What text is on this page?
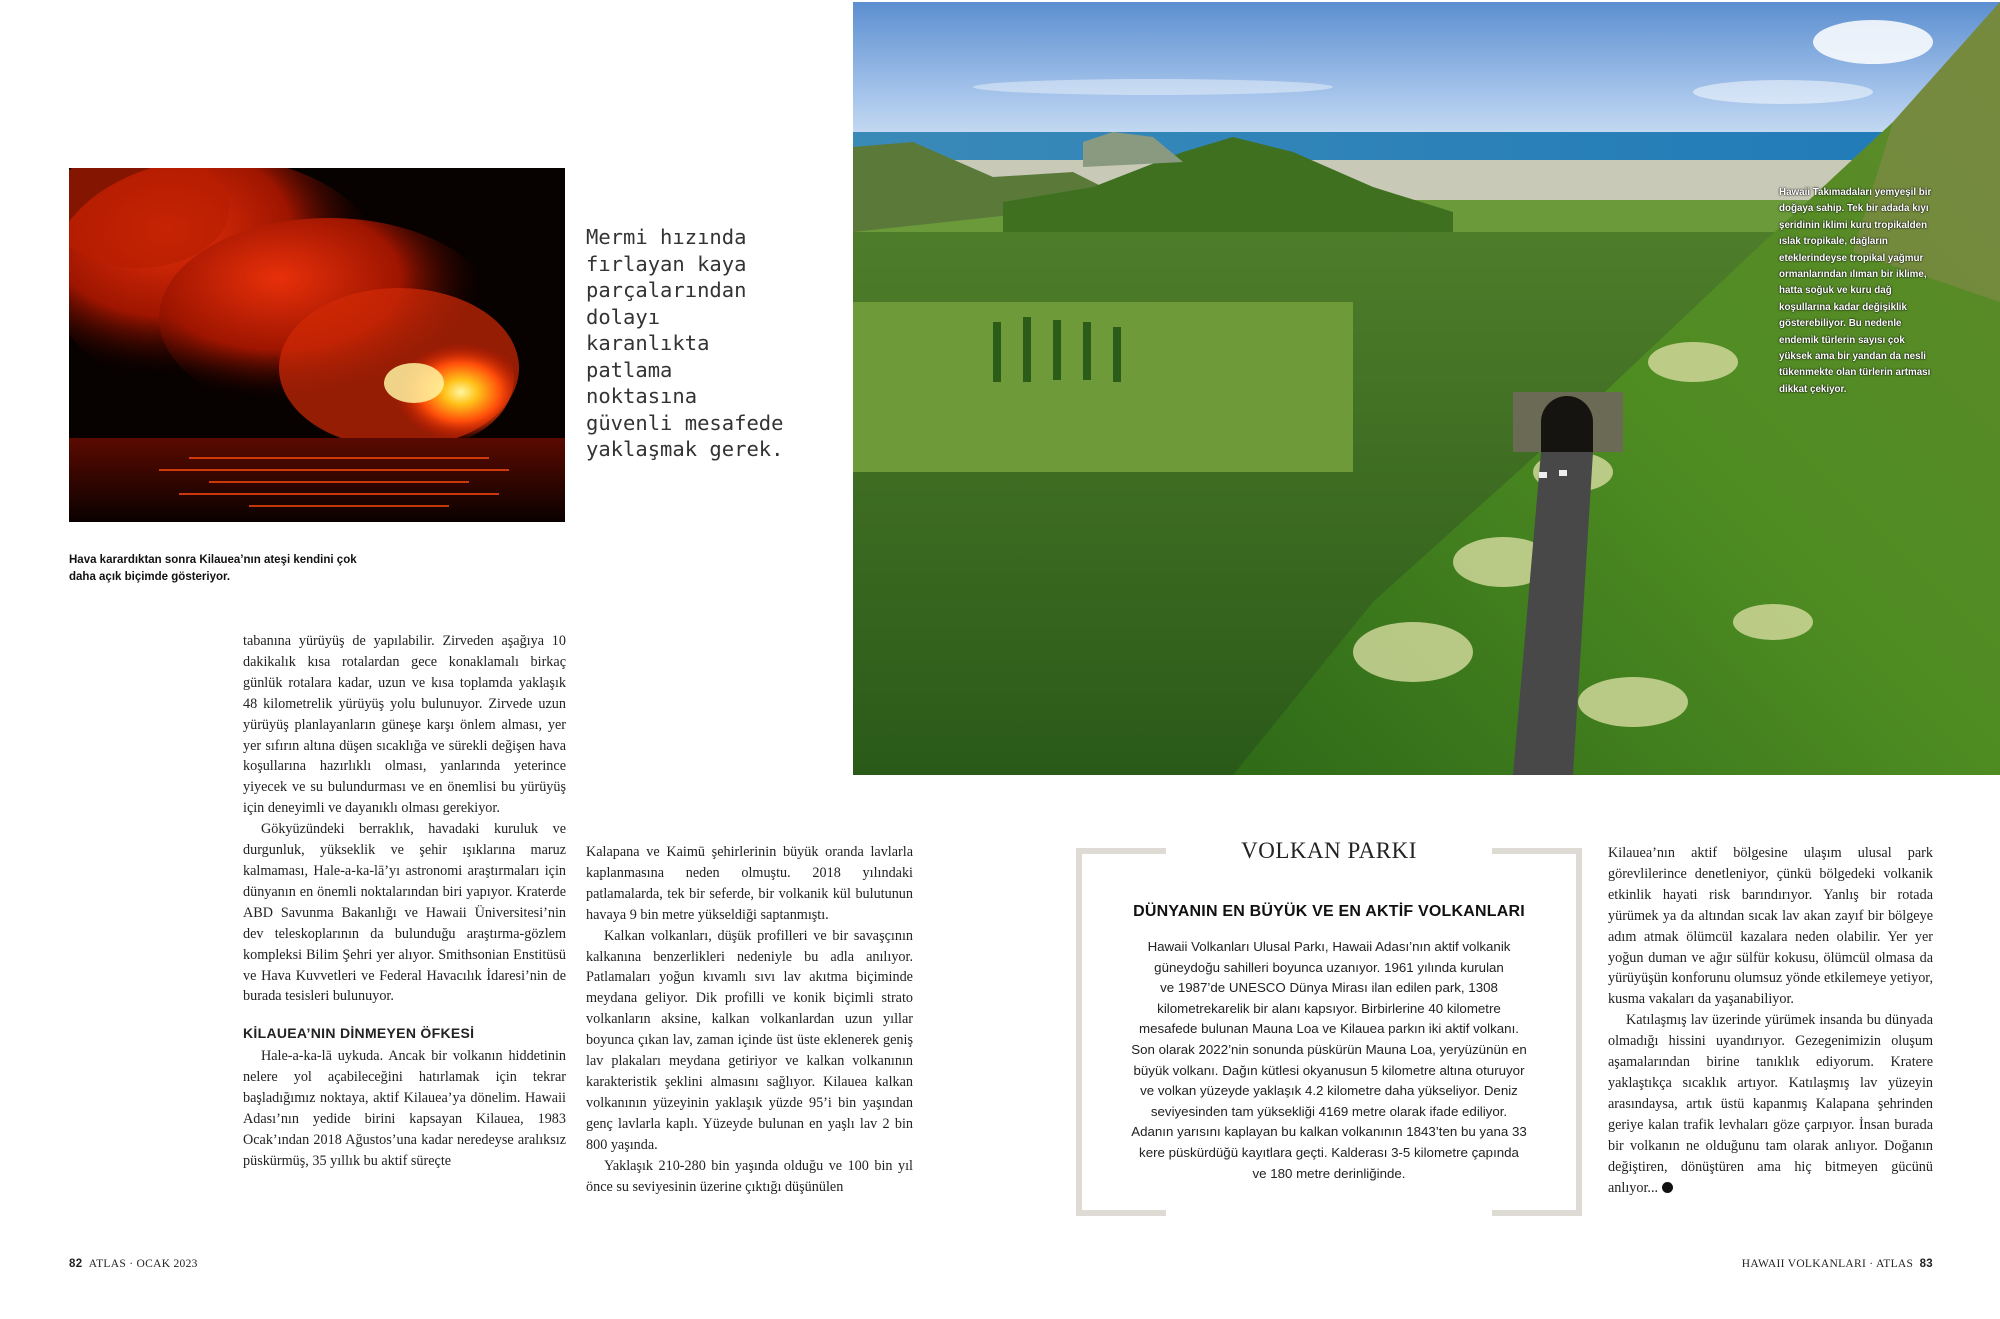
Hava karardıktan sonra Kilauea’nın ateşi kendini çok daha açık biçimde gösteriyor.
Mermi hızında
fırlayan kaya
parçalarından
dolayı
karanlıkta
patlama
noktasına
güvenli mesafede
yaklaşmak gerek.

tabanına yürüyüş de yapılabilir. Zirveden aşağıya 10 dakikalık kısa rotalardan gece konaklamalı birkaç günlük rotalara kadar, uzun ve kısa toplamda yaklaşık 48 kilometrelik yürüyüş yolu bulunuyor. Zirvede uzun yürüyüş planlayanların güneşe karşı önlem alması, yer yer sıfırın altına düşen sıcaklığa ve sürekli değişen hava koşullarına hazırlıklı olması, yanlarında yeterince yiyecek ve su bulundurması ve en önemlisi bu yürüyüş için deneyimli ve dayanıklı olması gerekiyor.

Gökyüzündeki berraklık, havadaki kuruluk ve durgunluk, yükseklik ve şehir ışıklarına maruz kalmaması, Hale-a-ka-lā’yı astronomi araştırmaları için dünyanın en önemli noktalarından biri yapıyor. Kraterde ABD Savunma Bakanlığı ve Hawaii Üniversitesi’nin dev teleskoplarının da bulunduğu araştırma-gözlem kompleksi Bilim Şehri yer alıyor. Smithsonian Enstitüsü ve Hava Kuvvetleri ve Federal Havacılık İdaresi’nin de burada tesisleri bulunuyor.

KİLAUEA’NIN DİNMEYEN ÖFKESİ

Hale-a-ka-lā uykuda. Ancak bir volkanın hiddetinin nelere yol açabileceğini hatırlamak için tekrar başladığımız noktaya, aktif Kilauea’ya dönelim. Hawaii Adası’nın yedide birini kapsayan Kilauea, 1983 Ocak’ından 2018 Ağustos’una kadar neredeyse aralıksız püskürmüş, 35 yıllık bu aktif süreçte

Kalapana ve Kaimū şehirlerinin büyük oranda lavlarla kaplanmasına neden olmuştu. 2018 yılındaki patlamalarda, tek bir seferde, bir volkanik kül bulutunun havaya 9 bin metre yükseldiği saptanmıştı.

Kalkan volkanları, düşük profilleri ve bir savaşçının kalkanına benzerlikleri nedeniyle bu adla anılıyor. Patlamaları yoğun kıvamlı sıvı lav akıtma biçiminde meydana geliyor. Dik profilli ve konik biçimli strato volkanların aksine, kalkan volkanlardan uzun yıllar boyunca çıkan lav, zaman içinde üst üste eklenerek geniş lav plakaları meydana getiriyor ve kalkan volkanının karakteristik şeklini almasını sağlıyor. Kilauea kalkan volkanının yüzeyinin yaklaşık yüzde 95’i bin yaşından genç lavlarla kaplı. Yüzeyde bulunan en yaşlı lav 2 bin 800 yaşında.

Yaklaşık 210-280 bin yaşında olduğu ve 100 bin yıl önce su seviyesinin üzerine çıktığı düşünülen

Hawaii Takımadaları yemyeşil bir doğaya sahip. Tek bir adada kıyı şeridinin iklimi kuru tropikalden ıslak tropikale, dağların eteklerindeyse tropikal yağmur ormanlarından ılıman bir iklime, hatta soğuk ve kuru dağ koşullarına kadar değişiklik gösterebiliyor. Bu nedenle endemik türlerin sayısı çok yüksek ama bir yandan da nesli tükenmekte olan türlerin artması dikkat çekiyor.
VOLKAN PARKI
DÜNYANIN EN BÜYÜK VE EN AKTİF VOLKANLARI
Hawaii Volkanları Ulusal Parkı, Hawaii Adası’nın aktif volkanik
güneydoğu sahilleri boyunca uzanıyor. 1961 yılında kurulan
ve 1987’de UNESCO Dünya Mirası ilan edilen park, 1308
kilometrekarelik bir alanı kapsıyor. Birbirlerine 40 kilometre
mesafede bulunan Mauna Loa ve Kilauea parkın iki aktif volkanı.
Son olarak 2022’nin sonunda püskürün Mauna Loa, yeryüzünün en
büyük volkanı. Dağın kütlesi okyanusun 5 kilometre altına oturuyor
ve volkan yüzeyde yaklaşık 4.2 kilometre daha yükseliyor. Deniz
seviyesinden tam yüksekliği 4169 metre olarak ifade ediliyor.
Adanın yarısını kaplayan bu kalkan volkanının 1843’ten bu yana 33
kere püskürdüğü kayıtlara geçti. Kalderası 3-5 kilometre çapında
ve 180 metre derinliğinde.

Kilauea’nın aktif bölgesine ulaşım ulusal park görevlilerince denetleniyor, çünkü bölgedeki volkanik etkinlik hayati risk barındırıyor. Yanlış bir rotada yürümek ya da altından sıcak lav akan zayıf bir bölgeye adım atmak ölümcül kazalara neden olabilir. Yer yer yoğun duman ve ağır sülfür kokusu, ölümcül olmasa da yürüyüşün konforunu olumsuz yönde etkilemeye yetiyor, kusma vakaları da yaşanabiliyor.

Katılaşmış lav üzerinde yürümek insanda bu dünyada olmadığı hissini uyandırıyor. Gezegenimizin oluşum aşamalarından birine tanıklık ediyorum. Kratere yaklaştıkça sıcaklık artıyor. Katılaşmış lav yüzeyin arasındaysa, artık üstü kapanmış Kalapana şehrinden geriye kalan trafik levhaları göze çarpıyor. İnsan burada bir volkanın ne olduğunu tam olarak anlıyor. Doğanın değiştiren, dönüştüren ama hiç bitmeyen gücünü anlıyor...

82 ATLAS · OCAK 2023	HAWAII VOLKANLARI · ATLAS 83
